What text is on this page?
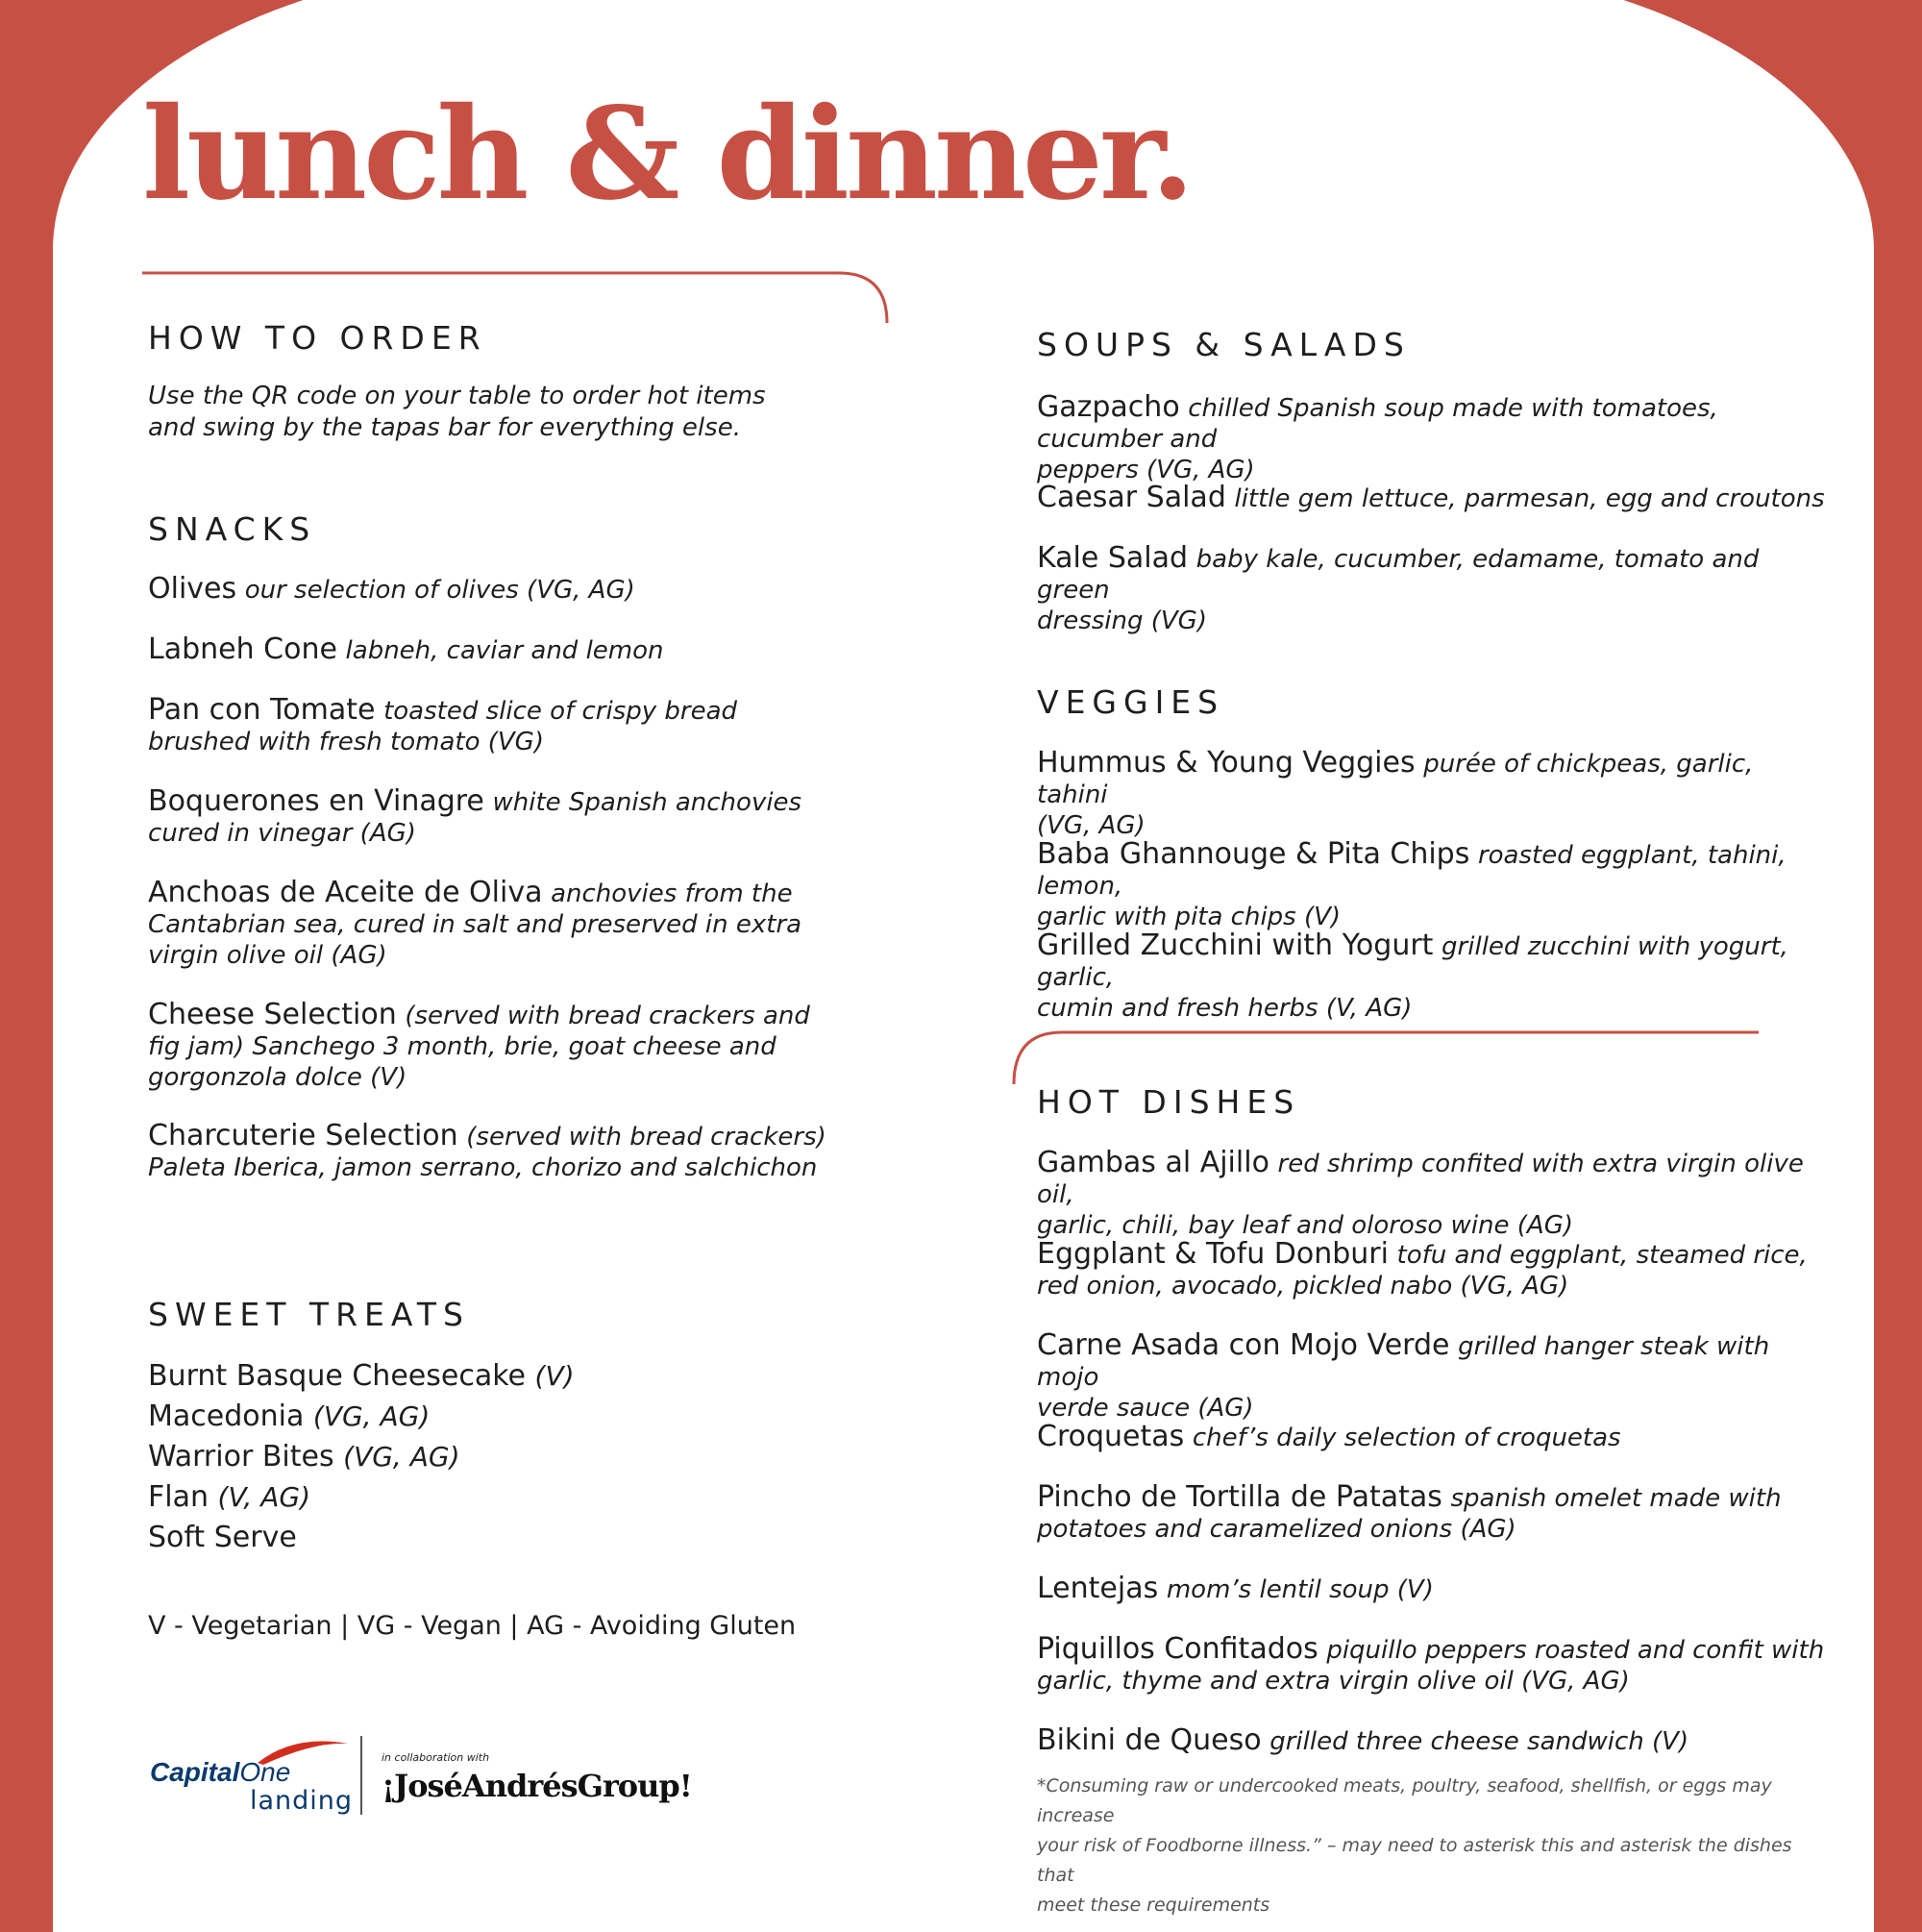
lunch & dinner.
HOW TO ORDER
Use the QR code on your table to order hot items
and swing by the tapas bar for everything else.
SNACKS
Olives our selection of olives (VG, AG)
Labneh Cone labneh, caviar and lemon
Pan con Tomate toasted slice of crispy bread
brushed with fresh tomato (VG)
Boquerones en Vinagre white Spanish anchovies
cured in vinegar (AG)
Anchoas de Aceite de Oliva anchovies from the
Cantabrian sea, cured in salt and preserved in extra
virgin olive oil (AG)
Cheese Selection (served with bread crackers and
fig jam) Sanchego 3 month, brie, goat cheese and
gorgonzola dolce (V)
Charcuterie Selection (served with bread crackers)
Paleta Iberica, jamon serrano, chorizo and salchichon
SWEET TREATS
Burnt Basque Cheesecake (V)
Macedonia (VG, AG)
Warrior Bites (VG, AG)
Flan (V, AG)
Soft Serve
V - Vegetarian | VG - Vegan | AG - Avoiding Gluten
SOUPS & SALADS
Gazpacho chilled Spanish soup made with tomatoes, cucumber and
peppers (VG, AG)
Caesar Salad little gem lettuce, parmesan, egg and croutons
Kale Salad baby kale, cucumber, edamame, tomato and green
dressing (VG)
VEGGIES
Hummus & Young Veggies purée of chickpeas, garlic, tahini
(VG, AG)
Baba Ghannouge & Pita Chips roasted eggplant, tahini, lemon,
garlic with pita chips (V)
Grilled Zucchini with Yogurt grilled zucchini with yogurt, garlic,
cumin and fresh herbs (V, AG)
HOT DISHES
Gambas al Ajillo red shrimp confited with extra virgin olive oil,
garlic, chili, bay leaf and oloroso wine (AG)
Eggplant & Tofu Donburi tofu and eggplant, steamed rice,
red onion, avocado, pickled nabo (VG, AG)
Carne Asada con Mojo Verde grilled hanger steak with mojo
verde sauce (AG)
Croquetas chef’s daily selection of croquetas
Pincho de Tortilla de Patatas spanish omelet made with
potatoes and caramelized onions (AG)
Lentejas mom’s lentil soup (V)
Piquillos Confitados piquillo peppers roasted and confit with
garlic, thyme and extra virgin olive oil (VG, AG)
Bikini de Queso grilled three cheese sandwich (V)
*Consuming raw or undercooked meats, poultry, seafood, shellfish, or eggs may increase
your risk of Foodborne illness.” – may need to asterisk this and asterisk the dishes that
meet these requirements
CapitalOne
landing
in collaboration with
¡JoséAndrésGroup!
